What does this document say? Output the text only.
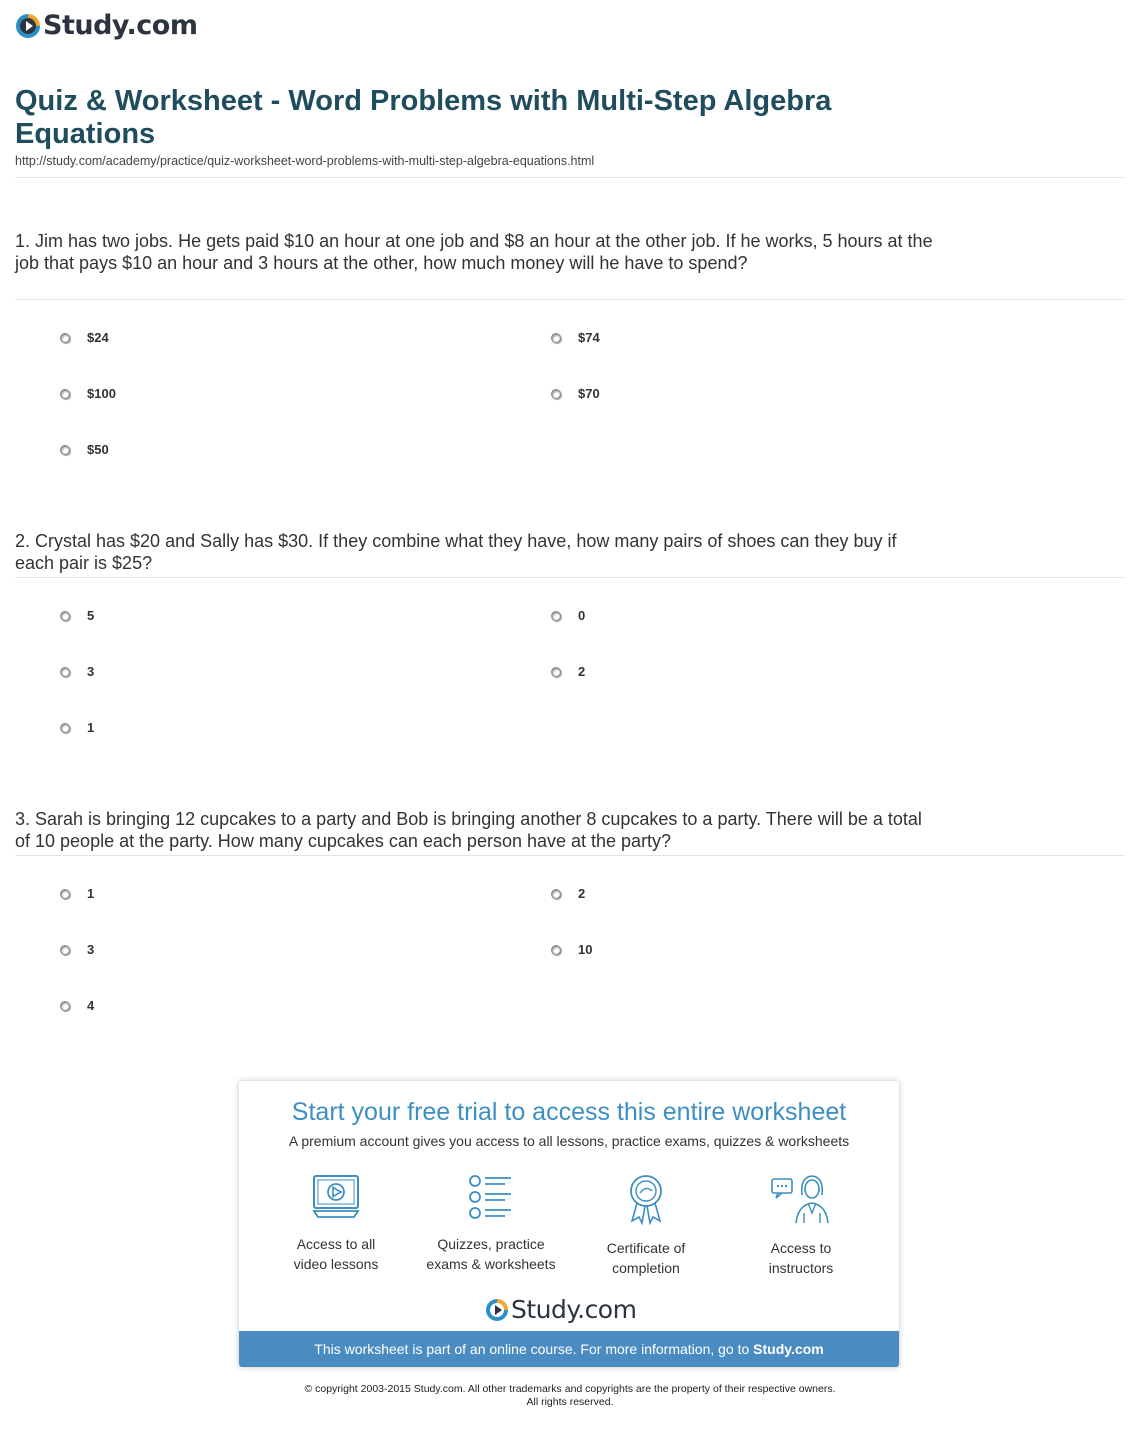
Study.com
Quiz & Worksheet - Word Problems with Multi-Step Algebra Equations
http://study.com/academy/practice/quiz-worksheet-word-problems-with-multi-step-algebra-equations.html

1. Jim has two jobs. He gets paid $10 an hour at one job and $8 an hour at the other job. If he works, 5 hours at the job that pays $10 an hour and 3 hours at the other, how much money will he have to spend?

$24	$74
$100	$70
$50

2. Crystal has $20 and Sally has $30. If they combine what they have, how many pairs of shoes can they buy if each pair is $25?

5	0
3	2
1

3. Sarah is bringing 12 cupcakes to a party and Bob is bringing another 8 cupcakes to a party. There will be a total of 10 people at the party. How many cupcakes can each person have at the party?

1	2
3	10
4
Start your free trial to access this entire worksheet
A premium account gives you access to all lessons, practice exams, quizzes & worksheets
Access to all
video lessons
Quizzes, practice
exams & worksheets
Certificate of
completion
Access to
instructors
Study.com
This worksheet is part of an online course. For more information, go to Study.com
© copyright 2003-2015 Study.com. All other trademarks and copyrights are the property of their respective owners.
All rights reserved.
